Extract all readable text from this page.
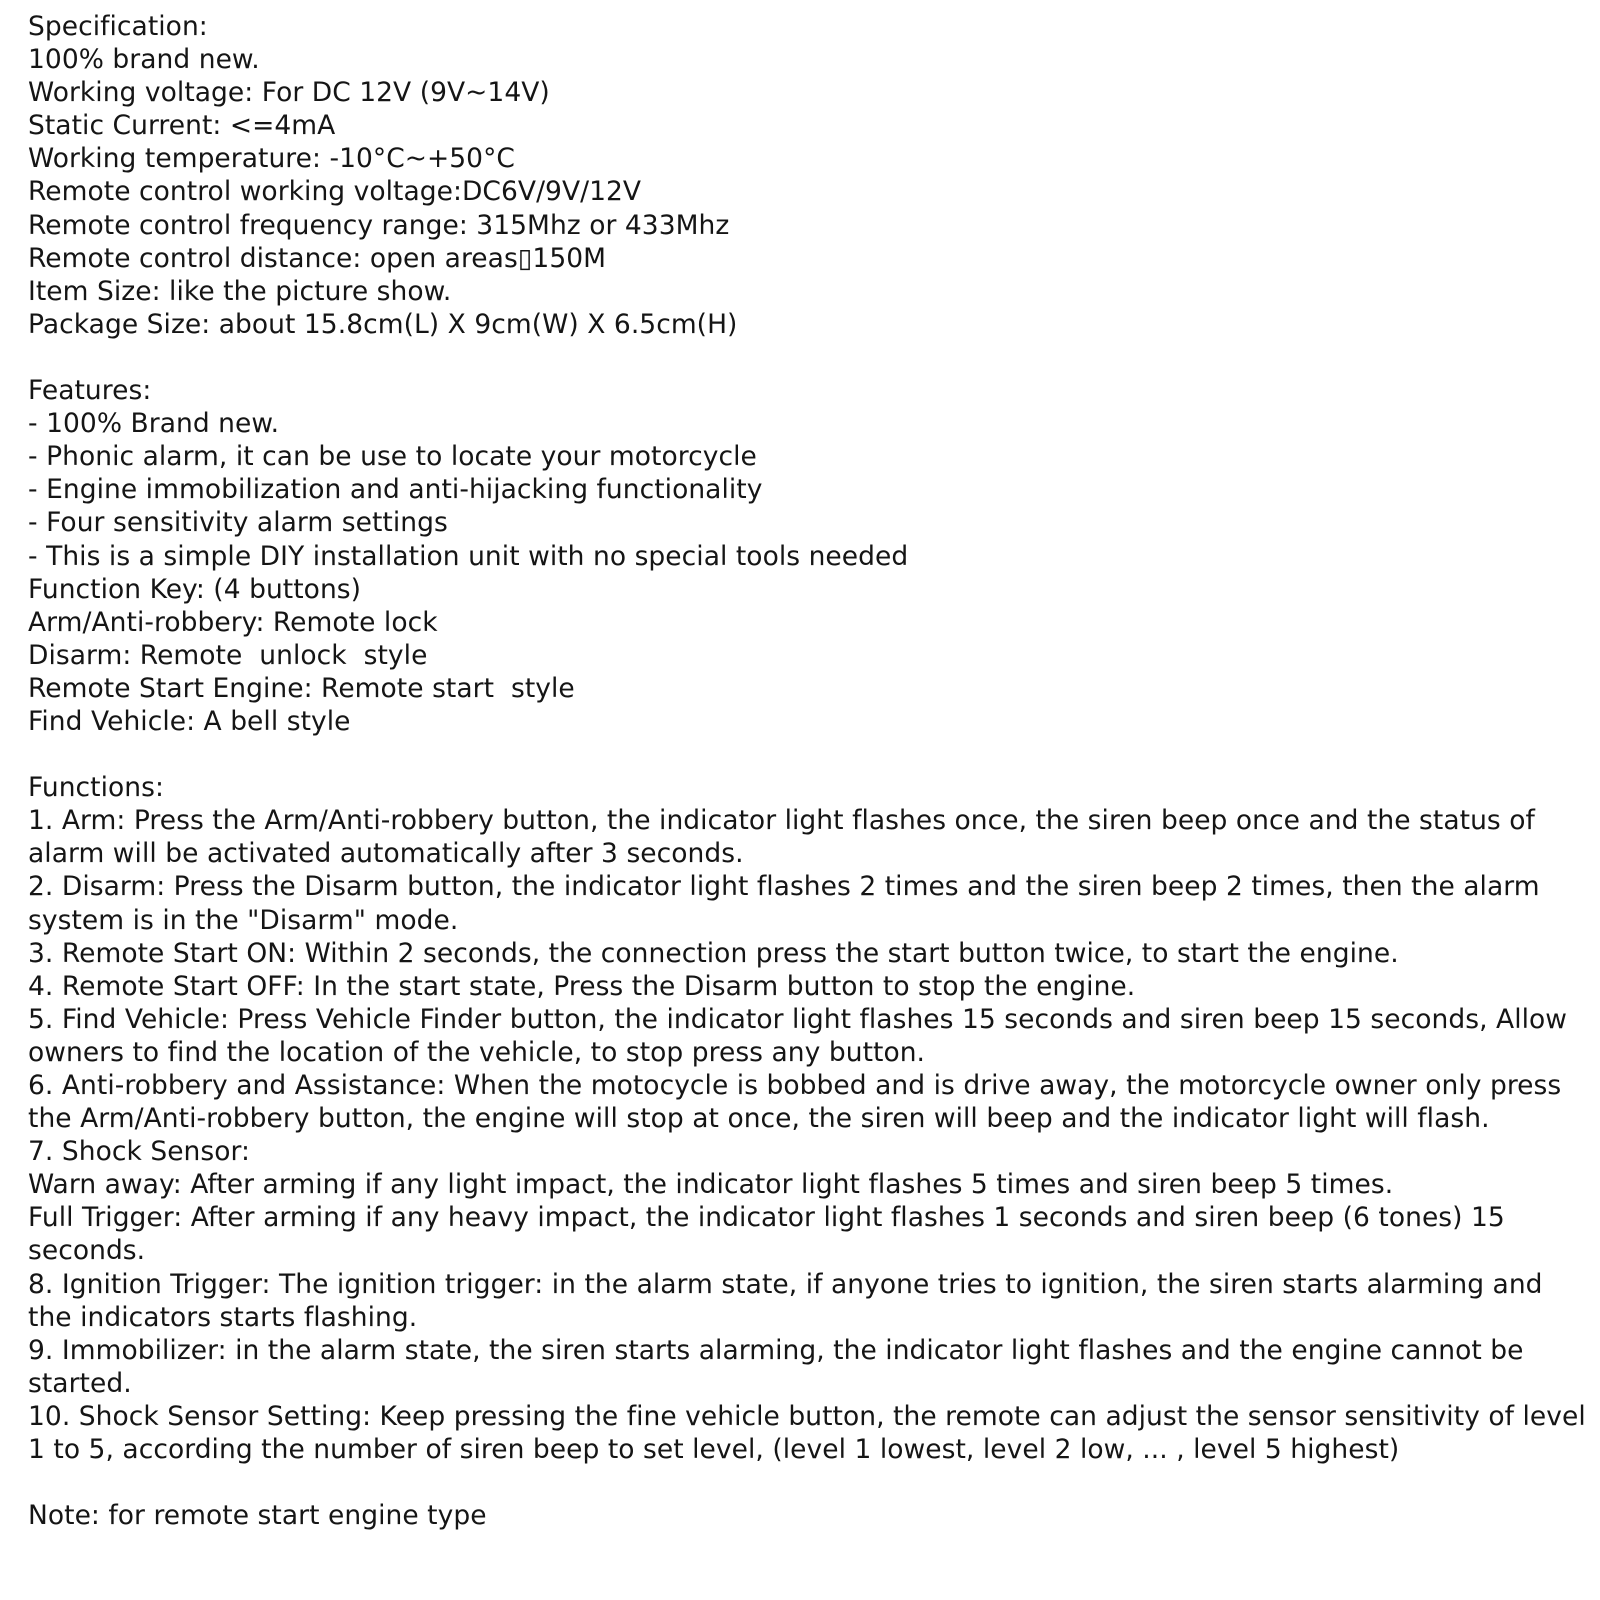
Specification:
100% brand new.
Working voltage: For DC 12V (9V~14V)
Static Current: <=4mA
Working temperature: -10°C~+50°C
Remote control working voltage:DC6V/9V/12V
Remote control frequency range: 315Mhz or 433Mhz
Remote control distance: open areas▯150M
Item Size: like the picture show.
Package Size: about 15.8cm(L) X 9cm(W) X 6.5cm(H)
Features:
- 100% Brand new.
- Phonic alarm, it can be use to locate your motorcycle
- Engine immobilization and anti-hijacking functionality
- Four sensitivity alarm settings
- This is a simple DIY installation unit with no special tools needed
Function Key: (4 buttons)
Arm/Anti-robbery: Remote lock
Disarm: Remote  unlock  style
Remote Start Engine: Remote start  style
Find Vehicle: A bell style
Functions:
1. Arm: Press the Arm/Anti-robbery button, the indicator light flashes once, the siren beep once and the status of alarm will be activated automatically after 3 seconds.
2. Disarm: Press the Disarm button, the indicator light flashes 2 times and the siren beep 2 times, then the alarm system is in the "Disarm" mode.
3. Remote Start ON: Within 2 seconds, the connection press the start button twice, to start the engine.
4. Remote Start OFF: In the start state, Press the Disarm button to stop the engine.
5. Find Vehicle: Press Vehicle Finder button, the indicator light flashes 15 seconds and siren beep 15 seconds, Allow owners to find the location of the vehicle, to stop press any button.
6. Anti-robbery and Assistance: When the motocycle is bobbed and is drive away, the motorcycle owner only press the Arm/Anti-robbery button, the engine will stop at once, the siren will beep and the indicator light will flash.
7. Shock Sensor:
Warn away: After arming if any light impact, the indicator light flashes 5 times and siren beep 5 times.
Full Trigger: After arming if any heavy impact, the indicator light flashes 1 seconds and siren beep (6 tones) 15 seconds.
8. Ignition Trigger: The ignition trigger: in the alarm state, if anyone tries to ignition, the siren starts alarming and the indicators starts flashing.
9. Immobilizer: in the alarm state, the siren starts alarming, the indicator light flashes and the engine cannot be started.
10. Shock Sensor Setting: Keep pressing the fine vehicle button, the remote can adjust the sensor sensitivity of level 1 to 5, according the number of siren beep to set level, (level 1 lowest, level 2 low, ... , level 5 highest)
Note: for remote start engine type
